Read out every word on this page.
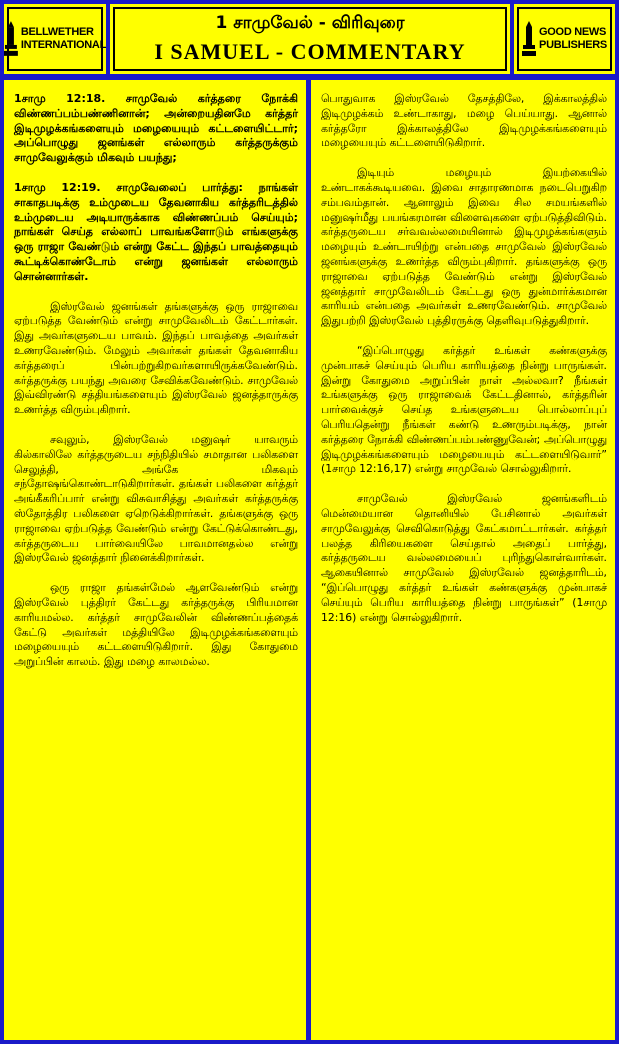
BELLWETHER
INTERNATIONAL
1 சாமுவேல் - விரிவுரை
I SAMUEL - COMMENTARY
GOOD NEWS
PUBLISHERS

1சாமு 12:18. சாமுவேல் கர்த்தரை நோக்கி விண்ணப்பம்பண்ணினான்; அன்றையதினமே கர்த்தர் இடிமுழக்கங்களையும் மழையையும் கட்டளையிட்டார்; அப்பொழுது ஜனங்கள் எல்லாரும் கர்த்தருக்கும் சாமுவேலுக்கும் மிகவும் பயந்து;

1சாமு 12:19. சாமுவேலைப் பார்த்து: நாங்கள் சாகாதபடிக்கு உம்முடைய தேவனாகிய கர்த்தரிடத்தில் உம்முடைய அடியாருக்காக விண்ணப்பம் செய்யும்; நாங்கள் செய்த எல்லாப் பாவங்களோடும் எங்களுக்கு ஒரு ராஜா வேண்டும் என்று கேட்ட இந்தப் பாவத்தையும் கூட்டிக்கொண்டோம் என்று ஜனங்கள் எல்லாரும் சொன்னார்கள்.

இஸ்ரவேல் ஜனங்கள் தங்களுக்கு ஒரு ராஜாவை ஏற்படுத்த வேண்டும் என்று சாமுவேலிடம் கேட்டார்கள். இது அவர்களுடைய பாவம். இந்தப் பாவத்தை அவர்கள் உணரவேண்டும். மேலும் அவர்கள் தங்கள் தேவனாகிய கர்த்தரைப் பின்பற்றுகிறவர்களாயிருக்கவேண்டும். கர்த்தருக்கு பயந்து அவரை சேவிக்கவேண்டும். சாமுவேல் இவ்விரண்டு சத்தியங்களையும் இஸ்ரவேல் ஜனத்தாருக்கு உணர்த்த விரும்புகிறார்.

சவுலும், இஸ்ரவேல் மனுஷர் யாவரும் கில்காலிலே கர்த்தருடைய சந்நிதியில் சமாதான பலிகளை செலுத்தி, அங்கே மிகவும் சந்தோஷங்கொண்டாடுகிறார்கள். தங்கள் பலிகளை கர்த்தர் அங்கீகரிப்பார் என்று விசுவாசித்து அவர்கள் கர்த்தருக்கு ஸ்தோத்திர பலிகளை ஏறெடுக்கிறார்கள். தங்களுக்கு ஒரு ராஜாவை ஏற்படுத்த வேண்டும் என்று கேட்டுக்கொண்டது, கர்த்தருடைய பார்வையிலே பாவமானதல்ல என்று இஸ்ரவேல் ஜனத்தார் நினைக்கிறார்கள்.

ஒரு ராஜா தங்கள்மேல் ஆளவேண்டும் என்று இஸ்ரவேல் புத்திரர் கேட்டது கர்த்தருக்கு பிரியமான காரியமல்ல. கர்த்தர் சாமுவேலின் விண்ணப்பத்தைக் கேட்டு அவர்கள் மத்தியிலே இடிமுழக்கங்களையும் மழையையும் கட்டளையிடுகிறார். இது கோதுமை அறுப்பின் காலம். இது மழை காலமல்ல.

பொதுவாக இஸ்ரவேல் தேசத்திலே, இக்காலத்தில் இடிமுழக்கம் உண்டாகாது, மழை பெய்யாது. ஆனால் கர்த்தரோ இக்காலத்திலே இடிமுழக்கங்களையும் மழையையும் கட்டளையிடுகிறார்.

இடியும் மழையும் இயற்கையில் உண்டாகக்கூடியவை. இவை சாதாரணமாக நடைபெறுகிற சம்பவம்தான். ஆனாலும் இவை சில சமயங்களில் மனுஷர்மீது பயங்கரமான விளைவுகளை ஏற்படுத்திவிடும். கர்த்தருடைய சர்வவல்லமையினால் இடிமுழக்கங்களும் மழையும் உண்டாயிற்று என்பதை சாமுவேல் இஸ்ரவேல் ஜனங்களுக்கு உணர்த்த விரும்புகிறார். தங்களுக்கு ஒரு ராஜாவை ஏற்படுத்த வேண்டும் என்று இஸ்ரவேல் ஜனத்தார் சாமுவேலிடம் கேட்டது ஒரு துன்மார்க்கமான காரியம் என்பதை அவர்கள் உணரவேண்டும். சாமுவேல் இதுபற்றி இஸ்ரவேல் புத்திரருக்கு தெளிவுபடுத்துகிறார்.

“இப்பொழுது கர்த்தர் உங்கள் கண்களுக்கு முன்பாகச் செய்யும் பெரிய காரியத்தை நின்று பாருங்கள். இன்று கோதுமை அறுப்பின் நாள் அல்லவா? நீங்கள் உங்களுக்கு ஒரு ராஜாவைக் கேட்டதினால், கர்த்தரின் பார்வைக்குச் செய்த உங்களுடைய பொல்லாப்புப் பெரியதென்று நீங்கள் கண்டு உணரும்படிக்கு, நான் கர்த்தரை நோக்கி விண்ணப்பம்பண்ணுவேன்; அப்பொழுது இடிமுழக்கங்களையும் மழையையும் கட்டளையிடுவார்” (1சாமு 12:16,17) என்று சாமுவேல் சொல்லுகிறார்.

சாமுவேல் இஸ்ரவேல் ஜனங்களிடம் மென்மையான தொனியில் பேசினால் அவர்கள் சாமுவேலுக்கு செவிகொடுத்து கேட்கமாட்டார்கள். கர்த்தர் பலத்த கிரியைகளை செய்தால் அதைப் பார்த்து, கர்த்தருடைய வல்லமையைப் புரிந்துகொள்வார்கள். ஆகையினால் சாமுவேல் இஸ்ரவேல் ஜனத்தாரிடம், “இப்பொழுது கர்த்தர் உங்கள் கண்களுக்கு முன்பாகச் செய்யும் பெரிய காரியத்தை நின்று பாருங்கள்” (1சாமு 12:16) என்று சொல்லுகிறார்.
